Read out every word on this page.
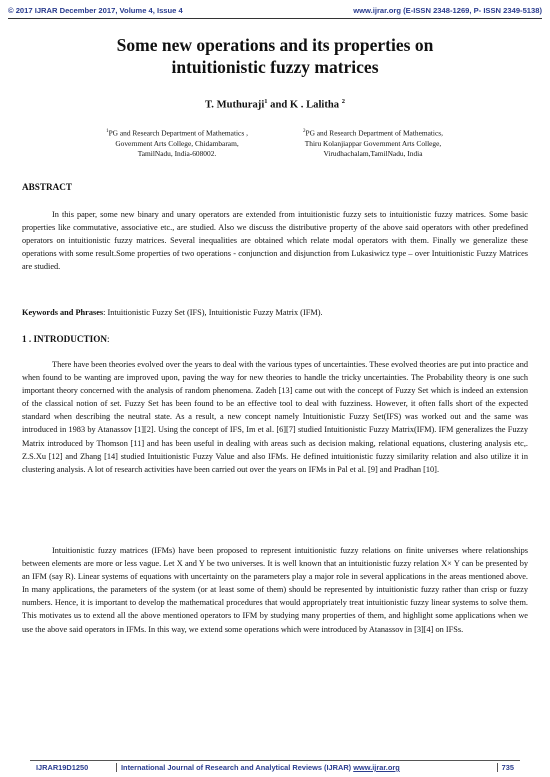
© 2017 IJRAR December 2017, Volume 4, Issue 4	www.ijrar.org (E-ISSN 2348-1269, P- ISSN 2349-5138)
Some new operations and its properties on
intuitionistic fuzzy matrices
T. Muthuraji$^1$ and K . Lalitha $^2$
$^1$PG and Research Department of Mathematics ,
Government Arts College, Chidambaram,
TamilNadu, India-608002.
$^2$PG and Research Department of Mathematics,
Thiru Kolanjiappar Government Arts College,
Virudhachalam,TamilNadu, India
ABSTRACT
In this paper, some new binary and unary operators are extended from intuitionistic fuzzy sets to intuitionistic fuzzy matrices. Some basic properties like commutative, associative etc., are studied. Also we discuss the distributive property of the above said operators with other predefined operators on intuitionistic fuzzy matrices. Several inequalities are obtained which relate modal operators with them. Finally we generalize these operations with some result.Some properties of two operations - conjunction and disjunction from Lukasiwicz type – over Intuitionistic Fuzzy Matrices are studied.
Keywords and Phrases: Intuitionistic Fuzzy Set (IFS), Intuitionistic Fuzzy Matrix (IFM).
1 . INTRODUCTION:
There have been theories evolved over the years to deal with the various types of uncertainties. These evolved theories are put into practice and when found to be wanting are improved upon, paving the way for new theories to handle the tricky uncertainties. The Probability theory is one such important theory concerned with the analysis of random phenomena. Zadeh [13] came out with the concept of Fuzzy Set which is indeed an extension of the classical notion of set. Fuzzy Set has been found to be an effective tool to deal with fuzziness. However, it often falls short of the expected standard when describing the neutral state. As a result, a new concept namely Intuitionistic Fuzzy Set(IFS) was worked out and the same was introduced in 1983 by Atanassov [1][2]. Using the concept of IFS, Im et al. [6][7] studied Intuitionistic Fuzzy Matrix(IFM). IFM generalizes the Fuzzy Matrix introduced by Thomson [11] and has been useful in dealing with areas such as decision making, relational equations, clustering analysis etc,. Z.S.Xu [12] and Zhang [14] studied Intuitionistic Fuzzy Value and also IFMs. He defined intuitionistic fuzzy similarity relation and also utilize it in clustering analysis. A lot of research activities have been carried out over the years on IFMs in Pal et al. [9] and Pradhan [10].
Intuitionistic fuzzy matrices (IFMs) have been proposed to represent intuitionistic fuzzy relations on finite universes where relationships between elements are more or less vague. Let X and Y be two universes. It is well known that an intuitionistic fuzzy relation X× Y can be presented by an IFM (say R). Linear systems of equations with uncertainty on the parameters play a major role in several applications in the areas mentioned above. In many applications, the parameters of the system (or at least some of them) should be represented by intuitionistic fuzzy rather than crisp or fuzzy numbers. Hence, it is important to develop the mathematical procedures that would appropriately treat intuitionistic fuzzy linear systems to solve them. This motivates us to extend all the above mentioned operators to IFM by studying many properties of them, and highlight some applications when we use the above said operators in IFMs. In this way, we extend some operations which were introduced by Atanassov in [3][4] on IFSs.
IJRAR19D1250	International Journal of Research and Analytical Reviews (IJRAR) www.ijrar.org	735
